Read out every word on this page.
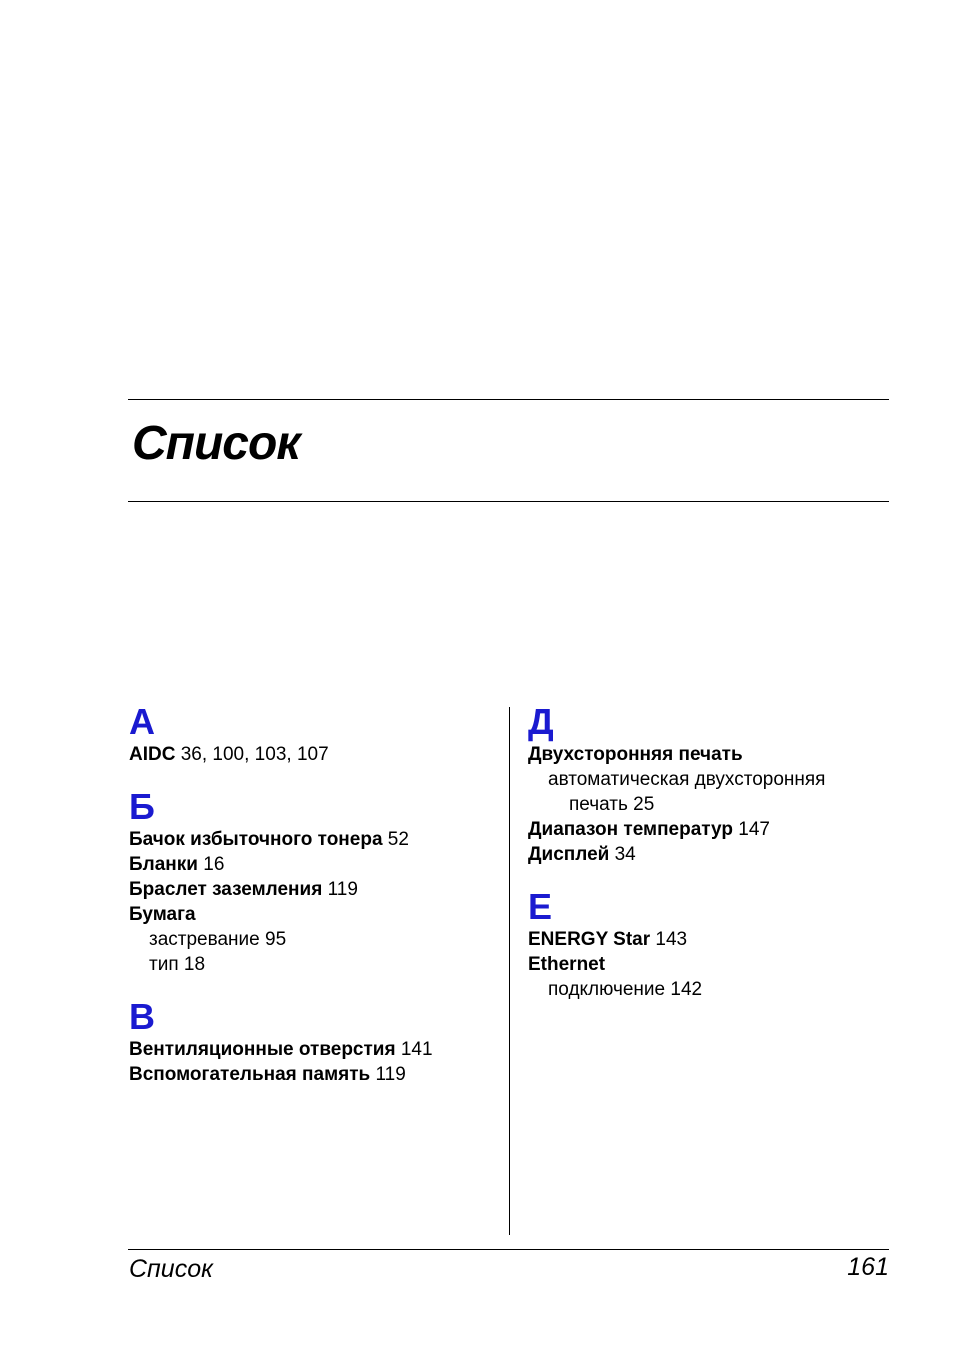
Список
A
AIDC 36, 100, 103, 107
Б
Бачок избыточного тонера 52
Бланки 16
Браслет заземления 119
Бумага
застревание 95
тип 18
В
Вентиляционные отверстия 141
Вспомогательная память 119
Д
Двухсторонняя печать
автоматическая двухсторонняя
печать 25
Диапазон температур 147
Дисплей 34
Е
ENERGY Star 143
Ethernet
подключение 142
Список	161
